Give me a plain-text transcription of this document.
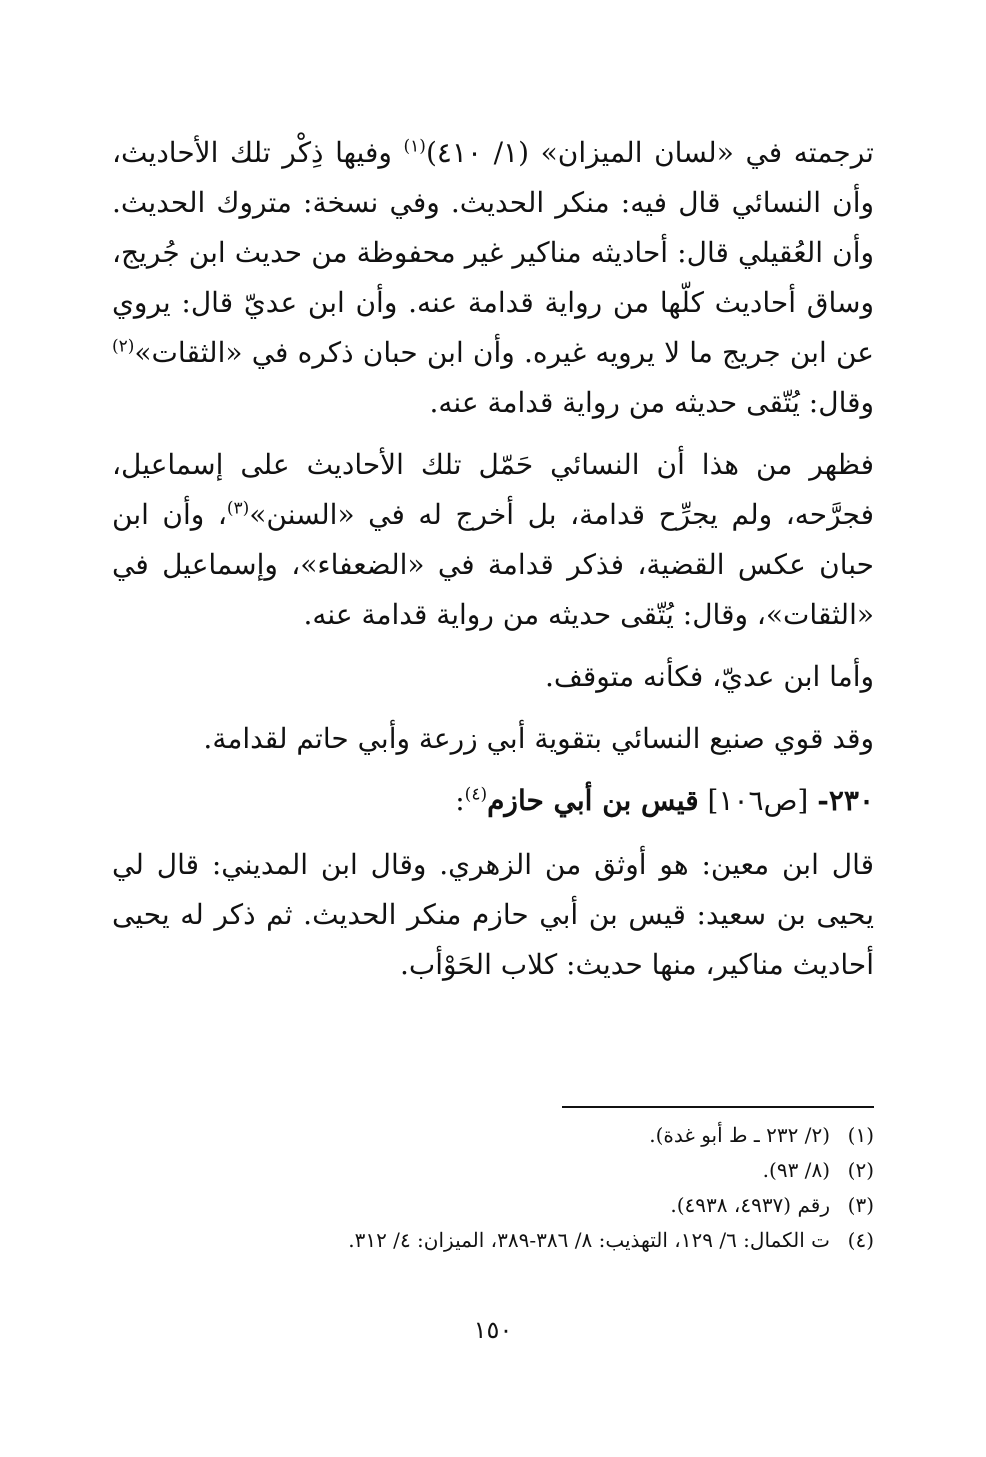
ترجمته في «لسان الميزان» (١/ ٤١٠)$^{(١)}$ وفيها ذِكْر تلك الأحاديث، وأن النسائي قال فيه: منكر الحديث. وفي نسخة: متروك الحديث. وأن العُقيلي قال: أحاديثه مناكير غير محفوظة من حديث ابن جُريج، وساق أحاديث كلّها من رواية قدامة عنه. وأن ابن عديّ قال: يروي عن ابن جريج ما لا يرويه غيره. وأن ابن حبان ذكره في «الثقات»$^{(٢)}$ وقال: يُتّقى حديثه من رواية قدامة عنه.

فظهر من هذا أن النسائي حَمّل تلك الأحاديث على إسماعيل، فجرَّحه، ولم يجرِّح قدامة، بل أخرج له في «السنن»$^{(٣)}$، وأن ابن حبان عكس القضية، فذكر قدامة في «الضعفاء»، وإسماعيل في «الثقات»، وقال: يُتّقى حديثه من رواية قدامة عنه.

وأما ابن عديّ، فكأنه متوقف.

وقد قوي صنيع النسائي بتقوية أبي زرعة وأبي حاتم لقدامة.

٢٣٠- [ص١٠٦] قيس بن أبي حازم$^{(٤)}$:

قال ابن معين: هو أوثق من الزهري. وقال ابن المديني: قال لي يحيى بن سعيد: قيس بن أبي حازم منكر الحديث. ثم ذكر له يحيى أحاديث مناكير، منها حديث: كلاب الحَوْأب.

(١)(٢/ ٢٣٢ ـ ط أبو غدة).

(٢)(٨/ ٩٣).

(٣)رقم (٤٩٣٧، ٤٩٣٨).

(٤)ت الكمال: ٦/ ١٢٩، التهذيب: ٨/ ٣٨٦-٣٨٩، الميزان: ٤/ ٣١٢.

١٥٠
